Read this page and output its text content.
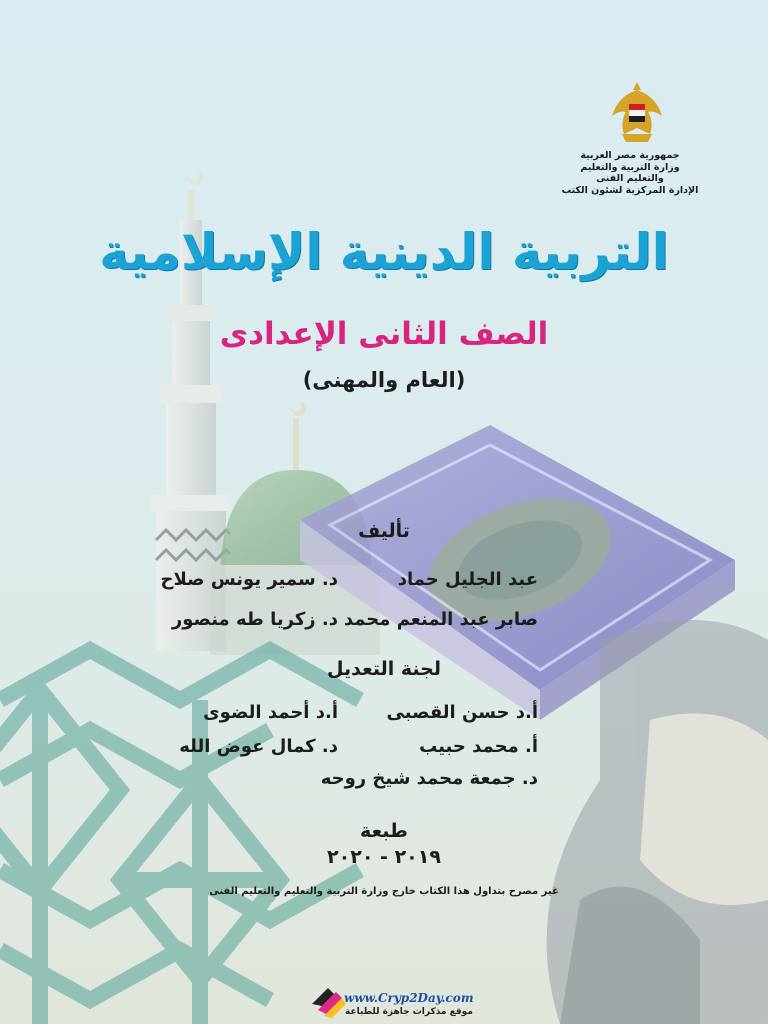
جمهورية مصر العربية
وزارة التربية والتعليم
والتعليم الفنى
الإدارة المركزية لشئون الكتب
التربية الدينية الإسلامية
الصف الثانى الإعدادى
(العام والمهنى)
تأليف
عبد الجليل حماد
د. سمير يونس صلاح
صابر عبد المنعم محمد
د. زكريا طه منصور
لجنة التعديل
أ.د حسن القصبى
أ.د أحمد الضوى
أ. محمد حبيب
د. كمال عوض الله
د. جمعة محمد شيخ روحه
طبعة
٢٠١٩ - ٢٠٢٠
غير مصرح بتداول هذا الكتاب خارج وزارة التربية والتعليم والتعليم الفنى
www.Cryp2Day.com
موقع مذكرات جاهزة للطباعة
